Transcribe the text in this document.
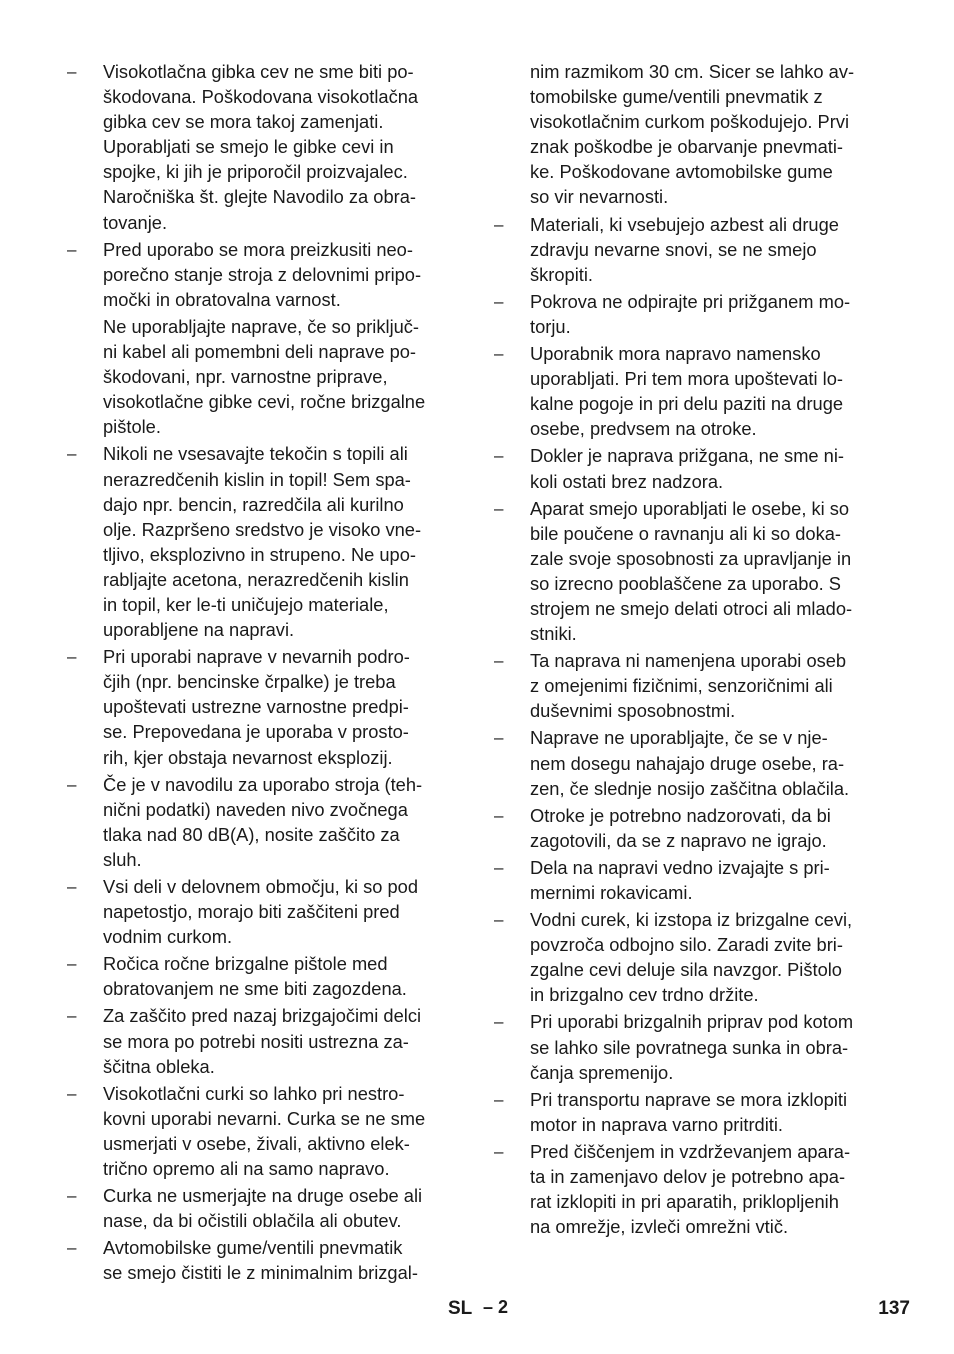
– Visokotlačna gibka cev ne sme biti po-
škodovana. Poškodovana visokotlačna
gibka cev se mora takoj zamenjati.
Uporabljati se smejo le gibke cevi in
spojke, ki jih je priporočil proizvajalec.
Naročniška št. glejte Navodilo za obra-
tovanje.

– Pred uporabo se mora preizkusiti neo-
porečno stanje stroja z delovnimi pripo-
močki in obratovalna varnost.

Ne uporabljajte naprave, če so priključ-
ni kabel ali pomembni deli naprave po-
škodovani, npr. varnostne priprave,
visokotlačne gibke cevi, ročne brizgalne
pištole.

– Nikoli ne vsesavajte tekočin s topili ali
nerazredčenih kislin in topil! Sem spa-
dajo npr. bencin, razredčila ali kurilno
olje. Razpršeno sredstvo je visoko vne-
tljivo, eksplozivno in strupeno. Ne upo-
rabljajte acetona, nerazredčenih kislin
in topil, ker le-ti uničujejo materiale,
uporabljene na napravi.

– Pri uporabi naprave v nevarnih podro-
čjih (npr. bencinske črpalke) je treba
upoštevati ustrezne varnostne predpi-
se. Prepovedana je uporaba v prosto-
rih, kjer obstaja nevarnost eksplozij.

– Če je v navodilu za uporabo stroja (teh-
nični podatki) naveden nivo zvočnega
tlaka nad 80 dB(A), nosite zaščito za
sluh.

– Vsi deli v delovnem območju, ki so pod
napetostjo, morajo biti zaščiteni pred
vodnim curkom.

– Ročica ročne brizgalne pištole med
obratovanjem ne sme biti zagozdena.

– Za zaščito pred nazaj brizgajočimi delci
se mora po potrebi nositi ustrezna za-
ščitna obleka.

– Visokotlačni curki so lahko pri nestro-
kovni uporabi nevarni. Curka se ne sme
usmerjati v osebe, živali, aktivno elek-
trično opremo ali na samo napravo.

– Curka ne usmerjajte na druge osebe ali
nase, da bi očistili oblačila ali obutev.

– Avtomobilske gume/ventili pnevmatik
se smejo čistiti le z minimalnim brizgal-

nim razmikom 30 cm. Sicer se lahko av-
tomobilske gume/ventili pnevmatik z
visokotlačnim curkom poškodujejo. Prvi
znak poškodbe je obarvanje pnevmati-
ke. Poškodovane avtomobilske gume
so vir nevarnosti.

– Materiali, ki vsebujejo azbest ali druge
zdravju nevarne snovi, se ne smejo
škropiti.

– Pokrova ne odpirajte pri prižganem mo-
torju.

– Uporabnik mora napravo namensko
uporabljati. Pri tem mora upoštevati lo-
kalne pogoje in pri delu paziti na druge
osebe, predvsem na otroke.

– Dokler je naprava prižgana, ne sme ni-
koli ostati brez nadzora.

– Aparat smejo uporabljati le osebe, ki so
bile poučene o ravnanju ali ki so doka-
zale svoje sposobnosti za upravljanje in
so izrecno pooblaščene za uporabo. S
strojem ne smejo delati otroci ali mlado-
stniki.

– Ta naprava ni namenjena uporabi oseb
z omejenimi fizičnimi, senzoričnimi ali
duševnimi sposobnostmi.

– Naprave ne uporabljajte, če se v nje-
nem dosegu nahajajo druge osebe, ra-
zen, če slednje nosijo zaščitna oblačila.

– Otroke je potrebno nadzorovati, da bi
zagotovili, da se z napravo ne igrajo.

– Dela na napravi vedno izvajajte s pri-
mernimi rokavicami.

– Vodni curek, ki izstopa iz brizgalne cevi,
povzroča odbojno silo. Zaradi zvite bri-
zgalne cevi deluje sila navzgor. Pištolo
in brizgalno cev trdno držite.

– Pri uporabi brizgalnih priprav pod kotom
se lahko sile povratnega sunka in obra-
čanja spremenijo.

– Pri transportu naprave se mora izklopiti
motor in naprava varno pritrditi.

– Pred čiščenjem in vzdrževanjem apara-
ta in zamenjavo delov je potrebno apa-
rat izklopiti in pri aparatih, priklopljenih
na omrežje, izvleči omrežni vtič.

SL – 2	137
